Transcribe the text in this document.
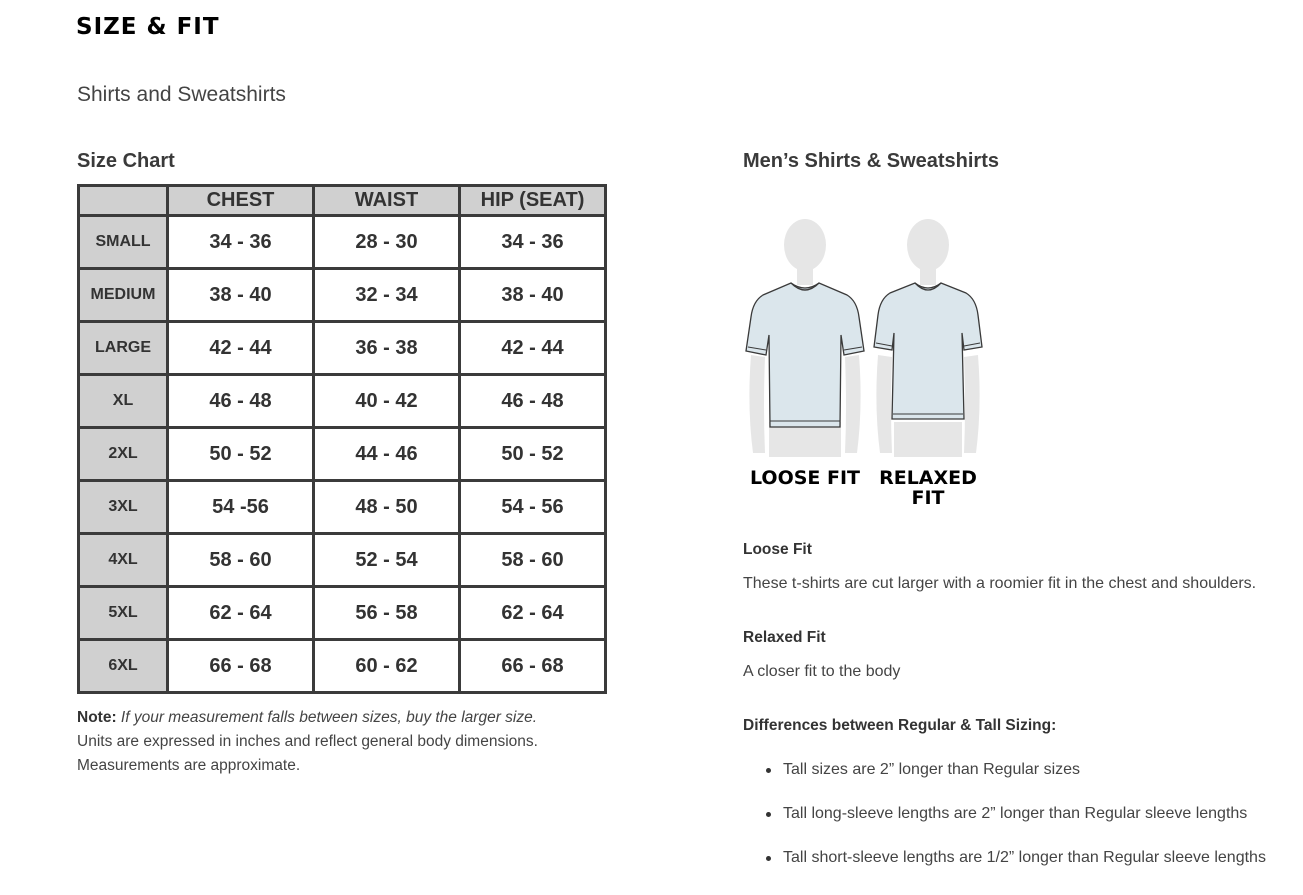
SIZE & FIT
Shirts and Sweatshirts
Size Chart
	CHEST	WAIST	HIP (SEAT)
SMALL	34 - 36	28 - 30	34 - 36
MEDIUM	38 - 40	32 - 34	38 - 40
LARGE	42 - 44	36 - 38	42 - 44
XL	46 - 48	40 - 42	46 - 48
2XL	50 - 52	44 - 46	50 - 52
3XL	54 -56	48 - 50	54 - 56
4XL	58 - 60	52 - 54	58 - 60
5XL	62 - 64	56 - 58	62 - 64
6XL	66 - 68	60 - 62	66 - 68
Note: If your measurement falls between sizes, buy the larger size.
Units are expressed in inches and reflect general body dimensions.
Measurements are approximate.
Men’s Shirts & Sweatshirts
LOOSE FIT	RELAXED
FIT
Loose Fit

These t-shirts are cut larger with a roomier fit in the chest and shoulders.

Relaxed Fit

A closer fit to the body

Differences between Regular & Tall Sizing:
Tall sizes are 2” longer than Regular sizes
Tall long-sleeve lengths are 2” longer than Regular sleeve lengths
Tall short-sleeve lengths are 1/2” longer than Regular sleeve lengths
